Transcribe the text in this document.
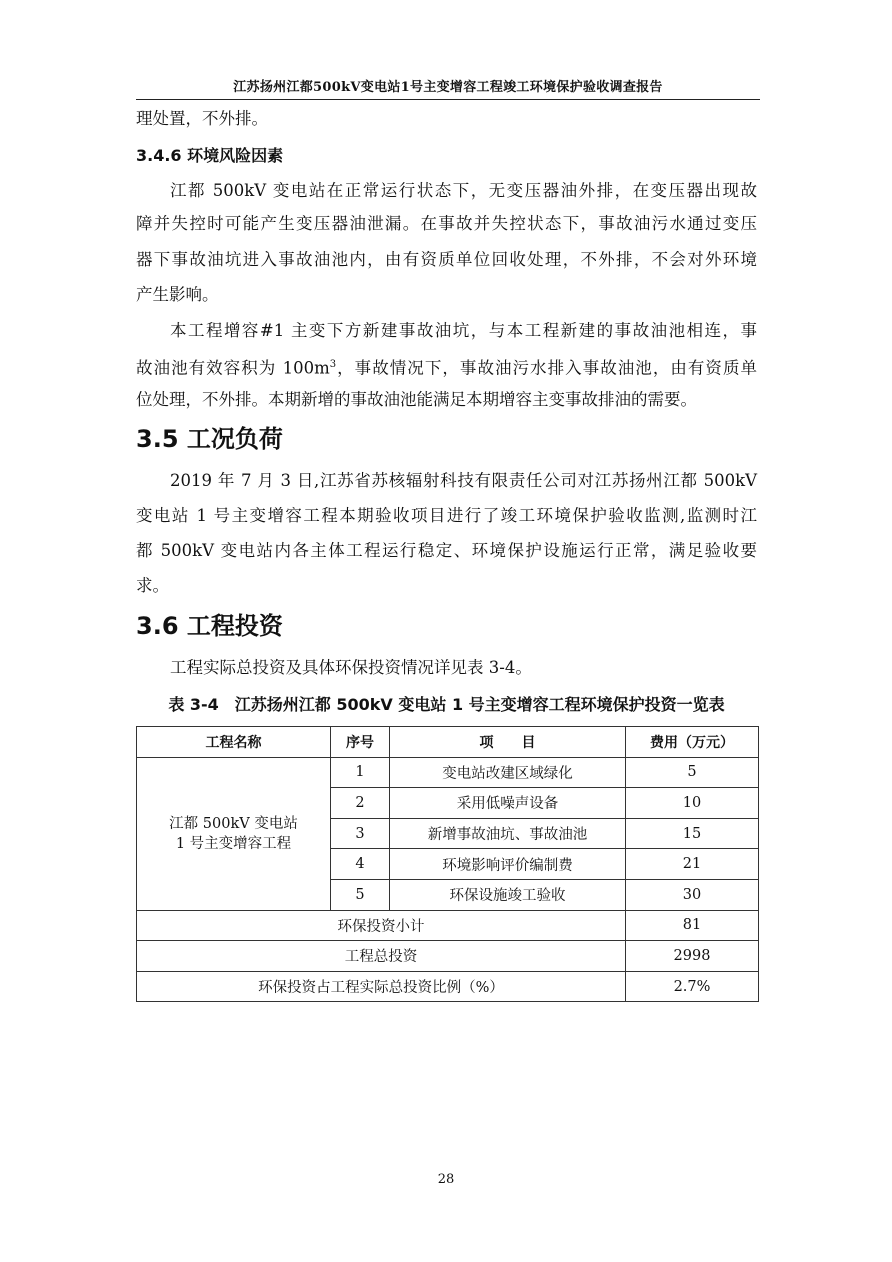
江苏扬州江都500kV变电站1号主变增容工程竣工环境保护验收调查报告
理处置，不外排。
3.4.6 环境风险因素
江都 500kV 变电站在正常运行状态下，无变压器油外排，在变压器出现故
障并失控时可能产生变压器油泄漏。在事故并失控状态下，事故油污水通过变压
器下事故油坑进入事故油池内，由有资质单位回收处理，不外排，不会对外环境
产生影响。
本工程增容#1 主变下方新建事故油坑，与本工程新建的事故油池相连，事
故油池有效容积为 $100m^3$，事故情况下，事故油污水排入事故油池，由有资质单
位处理，不外排。本期新增的事故油池能满足本期增容主变事故排油的需要。
3.5 工况负荷
2019 年 7 月 3 日,江苏省苏核辐射科技有限责任公司对江苏扬州江都 500kV
变电站 1 号主变增容工程本期验收项目进行了竣工环境保护验收监测,监测时江
都 500kV 变电站内各主体工程运行稳定、环境保护设施运行正常，满足验收要
求。
3.6 工程投资
工程实际总投资及具体环保投资情况详见表 3-4。
表 3-4　江苏扬州江都 500kV 变电站 1 号主变增容工程环境保护投资一览表
工程名称	序号	项　　目	费用（万元）

江都 500kV 变电站
1 号主变增容工程	1	变电站改建区域绿化	5
	2	采用低噪声设备	10
	3	新增事故油坑、事故油池	15
	4	环境影响评价编制费	21
	5	环保设施竣工验收	30
环保投资小计			81
工程总投资			2998
环保投资占工程实际总投资比例（%）			2.7%
28
